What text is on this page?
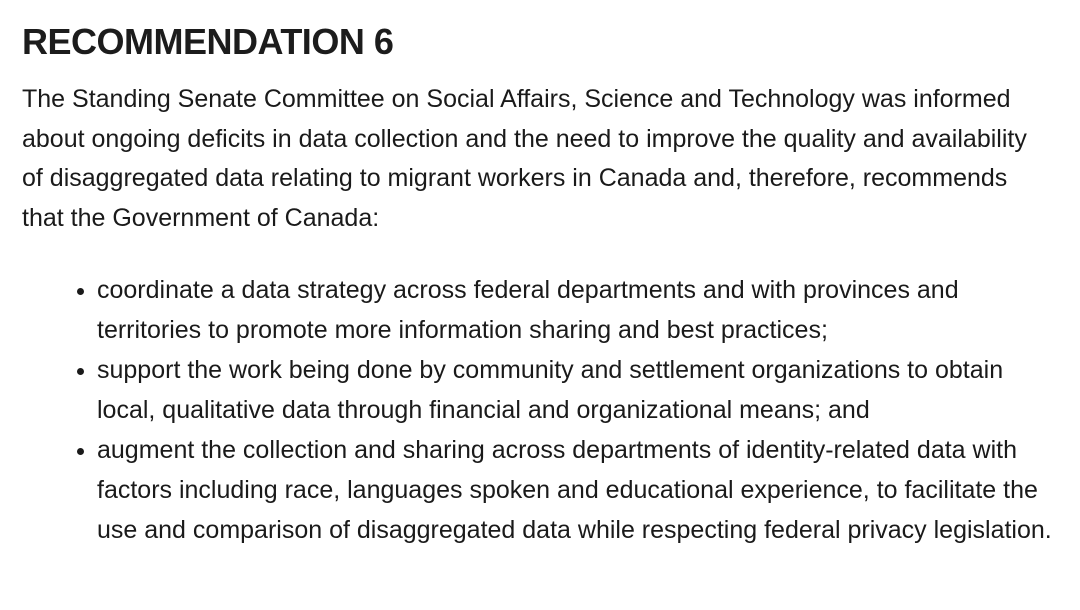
RECOMMENDATION 6

The Standing Senate Committee on Social Affairs, Science and Technology was informed about ongoing deficits in data collection and the need to improve the quality and availability of disaggregated data relating to migrant workers in Canada and, therefore, recommends that the Government of Canada:

coordinate a data strategy across federal departments and with provinces and territories to promote more information sharing and best practices;
support the work being done by community and settlement organizations to obtain local, qualitative data through financial and organizational means; and
augment the collection and sharing across departments of identity-related data with factors including race, languages spoken and educational experience, to facilitate the use and comparison of disaggregated data while respecting federal privacy legislation.
